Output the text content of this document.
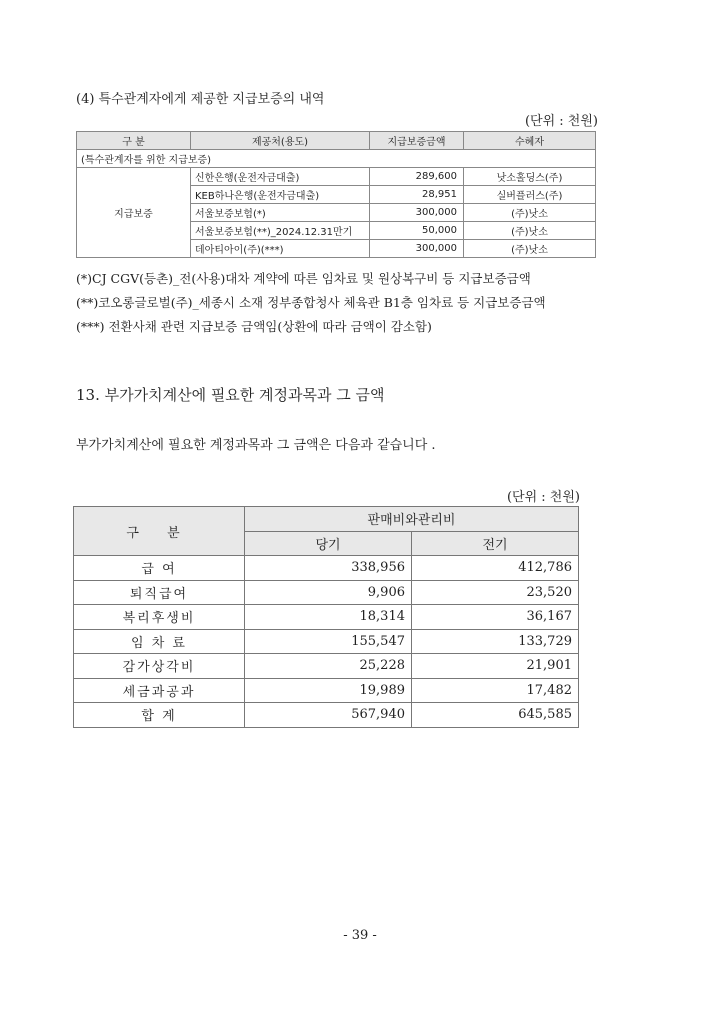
(4) 특수관계자에게 제공한 지급보증의 내역
(단위 : 천원)
구 분	제공처(용도)	지급보증금액	수혜자
(특수관계자를 위한 지급보증)			
지급보증	신한은행(운전자금대출)	289,600	낫소홀딩스(주)
	KEB하나은행(운전자금대출)	28,951	실버플러스(주)
	서울보증보험(*)	300,000	(주)낫소
	서울보증보험(**)_2024.12.31만기	50,000	(주)낫소
	데아티아이(주)(***)	300,000	(주)낫소
(*)CJ CGV(등촌)_전(사용)대차 계약에 따른 임차료 및 원상복구비 등 지급보증금액
(**)코오롱글로벌(주)_세종시 소재 정부종합청사 체육관 B1층 임차료 등 지급보증금액
(***) 전환사채 관련 지급보증 금액임(상환에 따라 금액이 감소함)
13. 부가가치계산에 필요한 계정과목과 그 금액
부가가치계산에 필요한 계정과목과 그 금액은 다음과 같습니다 .
(단위 : 천원)
구 분	판매비와관리비	
	당기	전기
급 여	338,956	412,786
퇴직급여	9,906	23,520
복리후생비	18,314	36,167
임 차 료	155,547	133,729
감가상각비	25,228	21,901
세금과공과	19,989	17,482
합 계	567,940	645,585
- 39 -
